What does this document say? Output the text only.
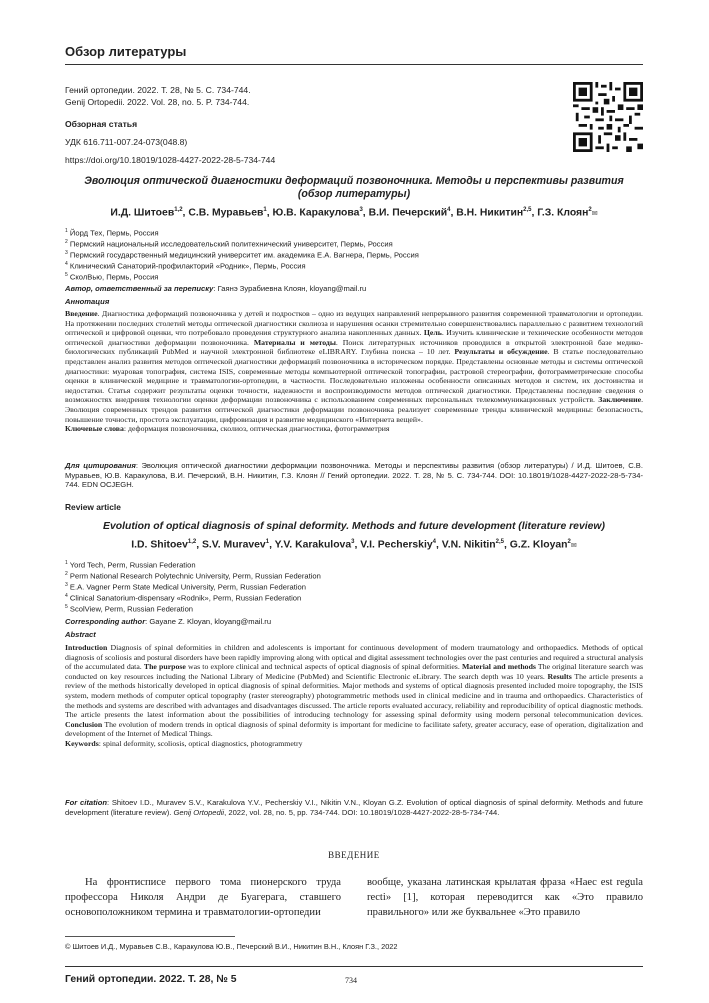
Обзор литературы
Гений ортопедии. 2022. Т. 28, № 5. С. 734-744.
Genij Ortopedii. 2022. Vol. 28, no. 5. P. 734-744.
Обзорная статья
УДК 616.711-007.24-073(048.8)
https://doi.org/10.18019/1028-4427-2022-28-5-734-744
Эволюция оптической диагностики деформаций позвоночника. Методы и перспективы развития
(обзор литературы)
И.Д. Шитоев$^{1,2}$, С.В. Муравьев$^1$, Ю.В. Каракулова$^3$, В.И. Печерский$^4$, В.Н. Никитин$^{2,5}$, Г.З. Клоян$^2$✉
$^1$ Йорд Тех, Пермь, Россия
$^2$ Пермский национальный исследовательский политехнический университет, Пермь, Россия
$^3$ Пермский государственный медицинский университет им. академика Е.А. Вагнера, Пермь, Россия
$^4$ Клинический Санаторий-профилакторий «Родник», Пермь, Россия
$^5$ СколВью, Пермь, Россия
Автор, ответственный за переписку: Гаянэ Зурабиевна Клоян, kloyang@mail.ru
Аннотация
Введение. Диагностика деформаций позвоночника у детей и подростков – одно из ведущих направлений непрерывного развития современной травматологии и ортопедии. На протяжении последних столетий методы оптической диагностики сколиоза и нарушения осанки стремительно совершенствовались параллельно с развитием технологий оптической и цифровой оценки, что потребовало проведения структурного анализа накопленных данных. Цель. Изучить клинические и технические особенности методов оптической диагностики деформации позвоночника. Материалы и методы. Поиск литературных источников проводился в открытой электронной базе медико-биологических публикаций PubMed и научной электронной библиотеке eLIBRARY. Глубина поиска – 10 лет. Результаты и обсуждение. В статье последовательно представлен анализ развития методов оптической диагностики деформаций позвоночника в историческом порядке. Представлены основные методы и системы оптической диагностики: муаровая топография, система ISIS, современные методы компьютерной оптической топографии, растровой стереографии, фотограмметрические способы оценки в клинической медицине и травматологии-ортопедии, в частности. Последовательно изложены особенности описанных методов и систем, их достоинства и недостатки. Статья содержит результаты оценки точности, надежности и воспроизводимости методов оптической диагностики. Представлены последние сведения о возможностях внедрения технологии оценки деформации позвоночника с использованием современных персональных телекоммуникационных устройств. Заключение. Эволюция современных трендов развития оптической диагностики деформации позвоночника реализует современные тренды клинической медицины: безопасность, повышение точности, простота эксплуатации, цифровизация и развитие медицинского «Интернета вещей».
Ключевые слова: деформация позвоночника, сколиоз, оптическая диагностика, фотограмметрия
Для цитирования: Эволюция оптической диагностики деформации позвоночника. Методы и перспективы развития (обзор литературы) / И.Д. Шитоев, С.В. Муравьев, Ю.В. Каракулова, В.И. Печерский, В.Н. Никитин, Г.З. Клоян // Гений ортопедии. 2022. Т. 28, № 5. С. 734-744. DOI: 10.18019/1028-4427-2022-28-5-734-744. EDN OCJEGH.
Review article
Evolution of optical diagnosis of spinal deformity. Methods and future development (literature review)
I.D. Shitoev$^{1,2}$, S.V. Muravev$^1$, Y.V. Karakulova$^3$, V.I. Pecherskiy$^4$, V.N. Nikitin$^{2,5}$, G.Z. Kloyan$^2$✉
$^1$ Yord Tech, Perm, Russian Federation
$^2$ Perm National Research Polytechnic University, Perm, Russian Federation
$^3$ E.A. Vagner Perm State Medical University, Perm, Russian Federation
$^4$ Clinical Sanatorium-dispensary «Rodnik», Perm, Russian Federation
$^5$ ScolView, Perm, Russian Federation
Corresponding author: Gayane Z. Kloyan, kloyang@mail.ru
Abstract
Introduction Diagnosis of spinal deformities in children and adolescents is important for continuous development of modern traumatology and orthopaedics. Methods of optical diagnosis of scoliosis and postural disorders have been rapidly improving along with optical and digital assessment technologies over the past centuries and required a structural analysis of the accumulated data. The purpose was to explore clinical and technical aspects of optical diagnosis of spinal deformities. Material and methods The original literature search was conducted on key resources including the National Library of Medicine (PubMed) and Scientific Electronic eLibrary. The search depth was 10 years. Results The article presents a review of the methods historically developed in optical diagnosis of spinal deformities. Major methods and systems of optical diagnosis presented included moire topography, the ISIS system, modern methods of computer optical topography (raster stereography) photogrammetric methods used in clinical medicine and in trauma and orthopaedics. Characteristics of the methods and systems are described with advantages and disadvantages discussed. The article reports evaluated accuracy, reliability and reproducibility of optical diagnostic methods. The article presents the latest information about the possibilities of introducing technology for assessing spinal deformity using modern personal telecommunication devices. Conclusion The evolution of modern trends in optical diagnosis of spinal deformity is important for medicine to facilitate safety, greater accuracy, ease of operation, digitalization and development of the Internet of Medical Things.
Keywords: spinal deformity, scoliosis, optical diagnostics, photogrammetry
For citation: Shitoev I.D., Muravev S.V., Karakulova Y.V., Pecherskiy V.I., Nikitin V.N., Kloyan G.Z. Evolution of optical diagnosis of spinal deformity. Methods and future development (literature review). Genij Ortopedii, 2022, vol. 28, no. 5, pp. 734-744. DOI: 10.18019/1028-4427-2022-28-5-734-744.
ВВЕДЕНИЕ
На фронтисписе первого тома пионерского труда профессора Николя Андри де Буагерага, ставшего основоположником термина и травматологии-ортопедии
вообще, указана латинская крылатая фраза «Haec est regula recti» [1], которая переводится как «Это правило правильного» или же буквальнее «Это правило
© Шитоев И.Д., Муравьев С.В., Каракулова Ю.В., Печерский В.И., Никитин В.Н., Клоян Г.З., 2022
Гений ортопедии. 2022. Т. 28, № 5	734
